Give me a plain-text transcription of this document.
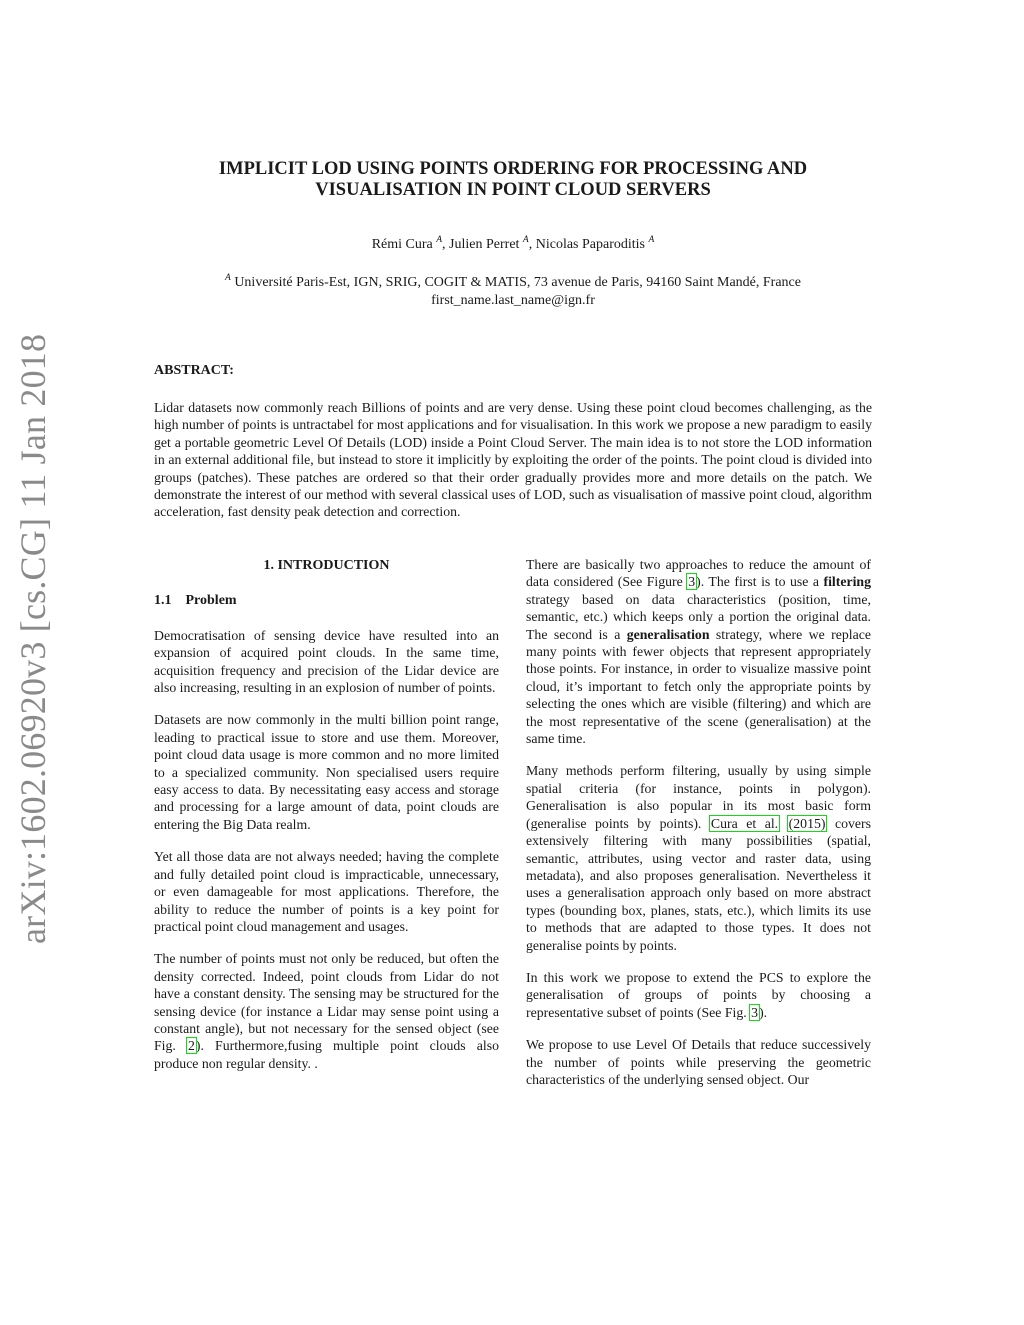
arXiv:1602.06920v3 [cs.CG] 11 Jan 2018
IMPLICIT LOD USING POINTS ORDERING FOR PROCESSING AND
VISUALISATION IN POINT CLOUD SERVERS
Rémi Cura $^A$, Julien Perret $^A$, Nicolas Paparoditis $^A$
$^A$ Université Paris-Est, IGN, SRIG, COGIT & MATIS, 73 avenue de Paris, 94160 Saint Mandé, France
first_name.last_name@ign.fr
ABSTRACT:
Lidar datasets now commonly reach Billions of points and are very dense. Using these point cloud becomes challenging, as the high number of points is untractabel for most applications and for visualisation. In this work we propose a new paradigm to easily get a portable geometric Level Of Details (LOD) inside a Point Cloud Server. The main idea is to not store the LOD information in an external additional file, but instead to store it implicitly by exploiting the order of the points. The point cloud is divided into groups (patches). These patches are ordered so that their order gradually provides more and more details on the patch. We demonstrate the interest of our method with several classical uses of LOD, such as visualisation of massive point cloud, algorithm acceleration, fast density peak detection and correction.
1. INTRODUCTION
1.1 Problem

Democratisation of sensing device have resulted into an expansion of acquired point clouds. In the same time, acquisition frequency and precision of the Lidar device are also increasing, resulting in an explosion of number of points.

Datasets are now commonly in the multi billion point range, leading to practical issue to store and use them. Moreover, point cloud data usage is more common and no more limited to a specialized community. Non specialised users require easy access to data. By necessitating easy access and storage and processing for a large amount of data, point clouds are entering the Big Data realm.

Yet all those data are not always needed; having the complete and fully detailed point cloud is impracticable, unnecessary, or even damageable for most applications. Therefore, the ability to reduce the number of points is a key point for practical point cloud management and usages.

The number of points must not only be reduced, but often the density corrected. Indeed, point clouds from Lidar do not have a constant density. The sensing may be structured for the sensing device (for instance a Lidar may sense point using a constant angle), but not necessary for the sensed object (see Fig. 2). Furthermore,fusing multiple point clouds also produce non regular density. .

There are basically two approaches to reduce the amount of data considered (See Figure 3). The first is to use a filtering strategy based on data characteristics (position, time, semantic, etc.) which keeps only a portion the original data. The second is a generalisation strategy, where we replace many points with fewer objects that represent appropriately those points. For instance, in order to visualize massive point cloud, it’s important to fetch only the appropriate points by selecting the ones which are visible (filtering) and which are the most representative of the scene (generalisation) at the same time.

Many methods perform filtering, usually by using simple spatial criteria (for instance, points in polygon). Generalisation is also popular in its most basic form (generalise points by points). Cura et al. (2015) covers extensively filtering with many possibilities (spatial, semantic, attributes, using vector and raster data, using metadata), and also proposes generalisation. Nevertheless it uses a generalisation approach only based on more abstract types (bounding box, planes, stats, etc.), which limits its use to methods that are adapted to those types. It does not generalise points by points.

In this work we propose to extend the PCS to explore the generalisation of groups of points by choosing a representative subset of points (See Fig. 3).

We propose to use Level Of Details that reduce successively the number of points while preserving the geometric characteristics of the underlying sensed object. Our
